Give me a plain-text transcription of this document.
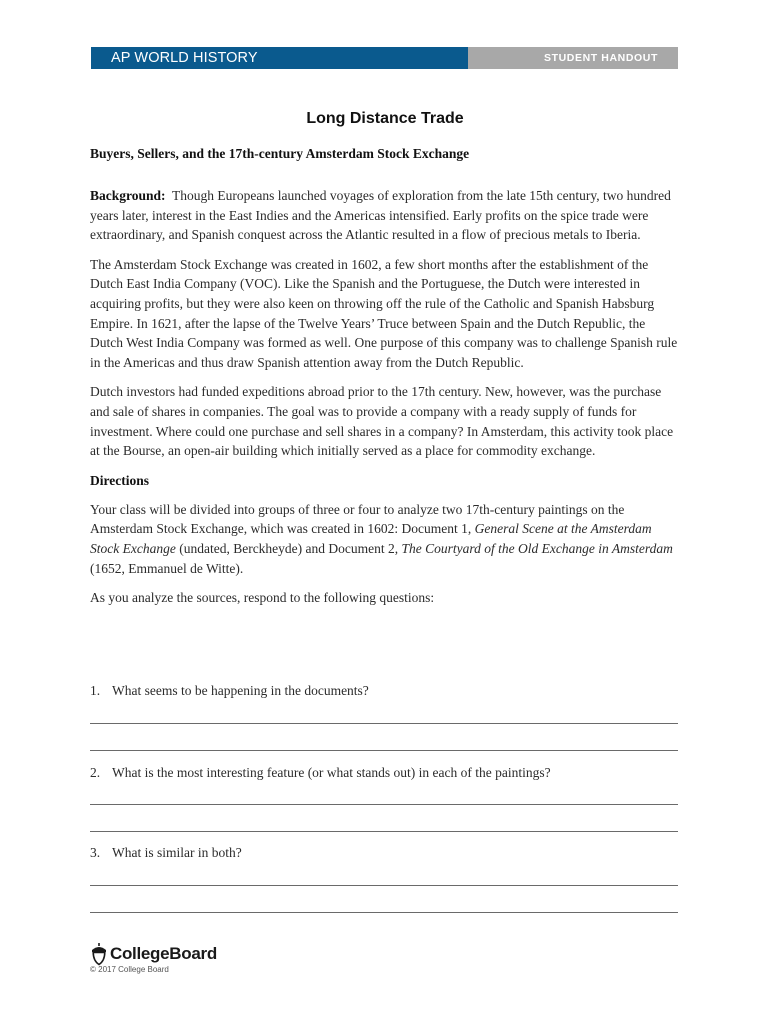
AP WORLD HISTORY	STUDENT HANDOUT
Long Distance Trade
Buyers, Sellers, and the 17th-century Amsterdam Stock Exchange

Background: Though Europeans launched voyages of exploration from the late 15th century, two hundred years later, interest in the East Indies and the Americas intensified. Early profits on the spice trade were extraordinary, and Spanish conquest across the Atlantic resulted in a flow of precious metals to Iberia.

The Amsterdam Stock Exchange was created in 1602, a few short months after the establishment of the Dutch East India Company (VOC). Like the Spanish and the Portuguese, the Dutch were interested in acquiring profits, but they were also keen on throwing off the rule of the Catholic and Spanish Habsburg Empire. In 1621, after the lapse of the Twelve Years’ Truce between Spain and the Dutch Republic, the Dutch West India Company was formed as well. One purpose of this company was to challenge Spanish rule in the Americas and thus draw Spanish attention away from the Dutch Republic.

Dutch investors had funded expeditions abroad prior to the 17th century. New, however, was the purchase and sale of shares in companies. The goal was to provide a company with a ready supply of funds for investment. Where could one purchase and sell shares in a company? In Amsterdam, this activity took place at the Bourse, an open-air building which initially served as a place for commodity exchange.

Directions

Your class will be divided into groups of three or four to analyze two 17th-century paintings on the Amsterdam Stock Exchange, which was created in 1602: Document 1, General Scene at the Amsterdam Stock Exchange (undated, Berckheyde) and Document 2, The Courtyard of the Old Exchange in Amsterdam (1652, Emmanuel de Witte).

As you analyze the sources, respond to the following questions:

1. What seems to be happening in the documents?
2. What is the most interesting feature (or what stands out) in each of the paintings?
3. What is similar in both?
CollegeBoard
© 2017 College Board
